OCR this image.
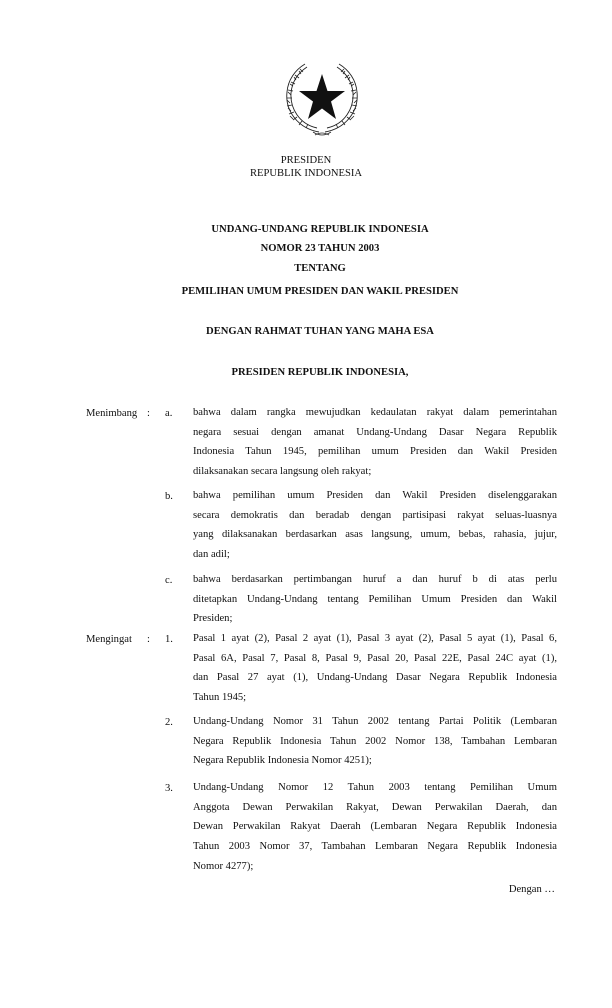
PRESIDEN
REPUBLIK INDONESIA
UNDANG-UNDANG REPUBLIK INDONESIA
NOMOR 23 TAHUN 2003
TENTANG
PEMILIHAN UMUM PRESIDEN DAN WAKIL PRESIDEN
DENGAN RAHMAT TUHAN YANG MAHA ESA
PRESIDEN REPUBLIK INDONESIA,
Menimbang : a. bahwa dalam rangka mewujudkan kedaulatan rakyat dalam pemerintahan
negara sesuai dengan amanat Undang-Undang Dasar Negara Republik
Indonesia Tahun 1945, pemilihan umum Presiden dan Wakil Presiden
dilaksanakan secara langsung oleh rakyat;
b. bahwa pemilihan umum Presiden dan Wakil Presiden diselenggarakan
secara demokratis dan beradab dengan partisipasi rakyat seluas-luasnya
yang dilaksanakan berdasarkan asas langsung, umum, bebas, rahasia, jujur,
dan adil;
c. bahwa berdasarkan pertimbangan huruf a dan huruf b di atas perlu
ditetapkan Undang-Undang tentang Pemilihan Umum Presiden dan Wakil
Presiden;
Mengingat : 1. Pasal 1 ayat (2), Pasal 2 ayat (1), Pasal 3 ayat (2), Pasal 5 ayat (1), Pasal 6,
Pasal 6A, Pasal 7, Pasal 8, Pasal 9, Pasal 20, Pasal 22E, Pasal 24C ayat (1),
dan Pasal 27 ayat (1), Undang-Undang Dasar Negara Republik Indonesia
Tahun 1945;
2. Undang-Undang Nomor 31 Tahun 2002 tentang Partai Politik (Lembaran
Negara Republik Indonesia Tahun 2002 Nomor 138, Tambahan Lembaran
Negara Republik Indonesia Nomor 4251);
3. Undang-Undang Nomor 12 Tahun 2003 tentang Pemilihan Umum
Anggota Dewan Perwakilan Rakyat, Dewan Perwakilan Daerah, dan
Dewan Perwakilan Rakyat Daerah (Lembaran Negara Republik Indonesia
Tahun 2003 Nomor 37, Tambahan Lembaran Negara Republik Indonesia
Nomor 4277);
Dengan …
